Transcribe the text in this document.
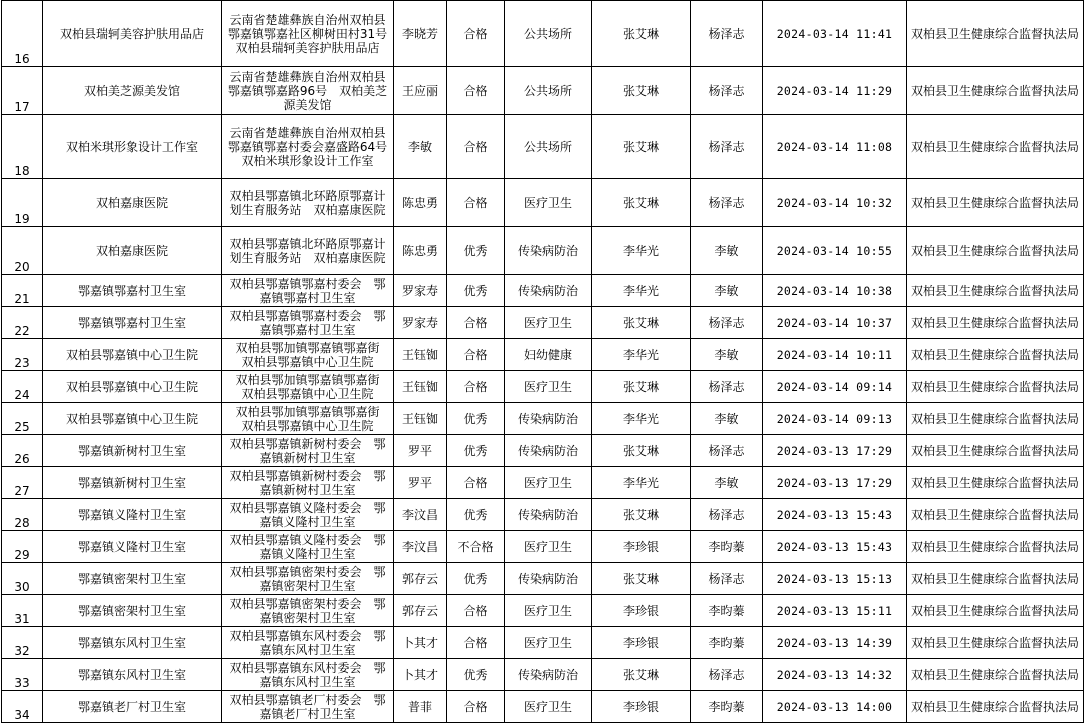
16	双柏县瑞轲美容护肤用品店	云南省楚雄彝族自治州双柏县鄂嘉镇鄂嘉社区柳树田村31号　双柏县瑞轲美容护肤用品店	李晓芳	合格	公共场所	张艾琳	杨泽志	2024-03-14 11:41	双柏县卫生健康综合监督执法局
17	双柏美芝源美发馆	云南省楚雄彝族自治州双柏县鄂嘉镇鄂嘉路96号　双柏美芝源美发馆	王应丽	合格	公共场所	张艾琳	杨泽志	2024-03-14 11:29	双柏县卫生健康综合监督执法局
18	双柏米琪形象设计工作室	云南省楚雄彝族自治州双柏县鄂嘉镇鄂嘉村委会嘉盛路64号　双柏米琪形象设计工作室	李敏	合格	公共场所	张艾琳	杨泽志	2024-03-14 11:08	双柏县卫生健康综合监督执法局
19	双柏嘉康医院	双柏县鄂嘉镇北环路原鄂嘉计划生育服务站　双柏嘉康医院	陈忠勇	合格	医疗卫生	张艾琳	杨泽志	2024-03-14 10:32	双柏县卫生健康综合监督执法局
20	双柏嘉康医院	双柏县鄂嘉镇北环路原鄂嘉计划生育服务站　双柏嘉康医院	陈忠勇	优秀	传染病防治	李华光	李敏	2024-03-14 10:55	双柏县卫生健康综合监督执法局
21	鄂嘉镇鄂嘉村卫生室	双柏县鄂嘉镇鄂嘉村委会　鄂嘉镇鄂嘉村卫生室	罗家寿	优秀	传染病防治	李华光	李敏	2024-03-14 10:38	双柏县卫生健康综合监督执法局
22	鄂嘉镇鄂嘉村卫生室	双柏县鄂嘉镇鄂嘉村委会　鄂嘉镇鄂嘉村卫生室	罗家寿	合格	医疗卫生	张艾琳	杨泽志	2024-03-14 10:37	双柏县卫生健康综合监督执法局
23	双柏县鄂嘉镇中心卫生院	双柏县鄂加镇鄂嘉镇鄂嘉街　双柏县鄂嘉镇中心卫生院	王钰铷	合格	妇幼健康	李华光	李敏	2024-03-14 10:11	双柏县卫生健康综合监督执法局
24	双柏县鄂嘉镇中心卫生院	双柏县鄂加镇鄂嘉镇鄂嘉街　双柏县鄂嘉镇中心卫生院	王钰铷	合格	医疗卫生	张艾琳	杨泽志	2024-03-14 09:14	双柏县卫生健康综合监督执法局
25	双柏县鄂嘉镇中心卫生院	双柏县鄂加镇鄂嘉镇鄂嘉街　双柏县鄂嘉镇中心卫生院	王钰铷	优秀	传染病防治	李华光	李敏	2024-03-14 09:13	双柏县卫生健康综合监督执法局
26	鄂嘉镇新树村卫生室	双柏县鄂嘉镇新树村委会　鄂嘉镇新树村卫生室	罗平	优秀	传染病防治	张艾琳	杨泽志	2024-03-13 17:29	双柏县卫生健康综合监督执法局
27	鄂嘉镇新树村卫生室	双柏县鄂嘉镇新树村委会　鄂嘉镇新树村卫生室	罗平	合格	医疗卫生	李华光	李敏	2024-03-13 17:29	双柏县卫生健康综合监督执法局
28	鄂嘉镇义隆村卫生室	双柏县鄂嘉镇义隆村委会　鄂嘉镇义隆村卫生室	李汶昌	优秀	传染病防治	张艾琳	杨泽志	2024-03-13 15:43	双柏县卫生健康综合监督执法局
29	鄂嘉镇义隆村卫生室	双柏县鄂嘉镇义隆村委会　鄂嘉镇义隆村卫生室	李汶昌	不合格	医疗卫生	李珍银	李昀蓁	2024-03-13 15:43	双柏县卫生健康综合监督执法局
30	鄂嘉镇密架村卫生室	双柏县鄂嘉镇密架村委会　鄂嘉镇密架村卫生室	郭存云	优秀	传染病防治	张艾琳	杨泽志	2024-03-13 15:13	双柏县卫生健康综合监督执法局
31	鄂嘉镇密架村卫生室	双柏县鄂嘉镇密架村委会　鄂嘉镇密架村卫生室	郭存云	合格	医疗卫生	李珍银	李昀蓁	2024-03-13 15:11	双柏县卫生健康综合监督执法局
32	鄂嘉镇东风村卫生室	双柏县鄂嘉镇东风村委会　鄂嘉镇东风村卫生室	卜其才	合格	医疗卫生	李珍银	李昀蓁	2024-03-13 14:39	双柏县卫生健康综合监督执法局
33	鄂嘉镇东风村卫生室	双柏县鄂嘉镇东风村委会　鄂嘉镇东风村卫生室	卜其才	优秀	传染病防治	张艾琳	杨泽志	2024-03-13 14:32	双柏县卫生健康综合监督执法局
34	鄂嘉镇老厂村卫生室	双柏县鄂嘉镇老厂村委会　鄂嘉镇老厂村卫生室	普菲	合格	医疗卫生	李珍银	李昀蓁	2024-03-13 14:00	双柏县卫生健康综合监督执法局
